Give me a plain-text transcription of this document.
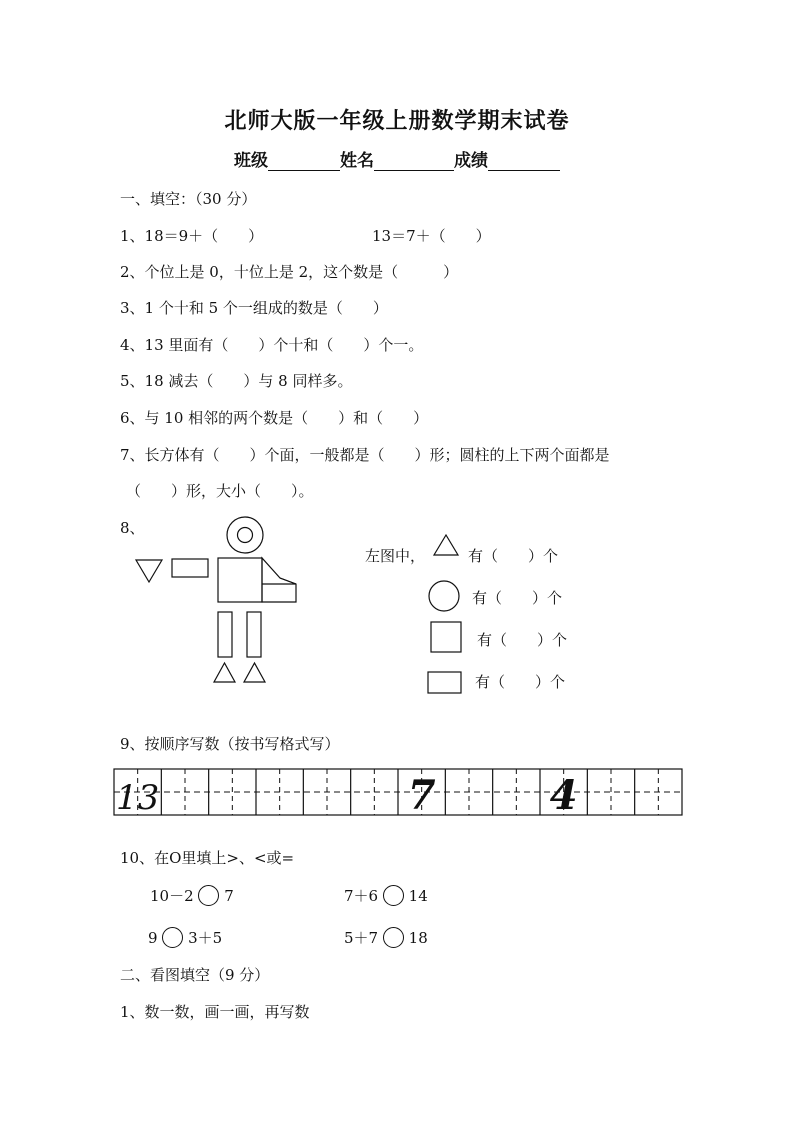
北师大版一年级上册数学期末试卷
班级	姓名	成绩
一、填空：（30 分）
1、18＝9＋（　　）	13＝7＋（　　）
2、个位上是 0，十位上是 2，这个数是（　　　）
3、1 个十和 5 个一组成的数是（　　）
4、13 里面有（　　）个十和（　　）个一。
5、18 减去（　　）与 8 同样多。
6、与 10 相邻的两个数是（　　）和（　　）
7、长方体有（　　）个面，一般都是（　　）形；圆柱的上下两个面都是
（　　）形，大小（　　）。
8、
左图中，	有（　　）个
有（　　）个
有（　　）个
有（　　）个
9、按顺序写数（按书写格式写）
13	7	4
10、在O里填上>、<或=
10－2 7	7＋6 14
9 3＋5	5＋7 18
二、看图填空（9 分）
1、数一数，画一画，再写数
